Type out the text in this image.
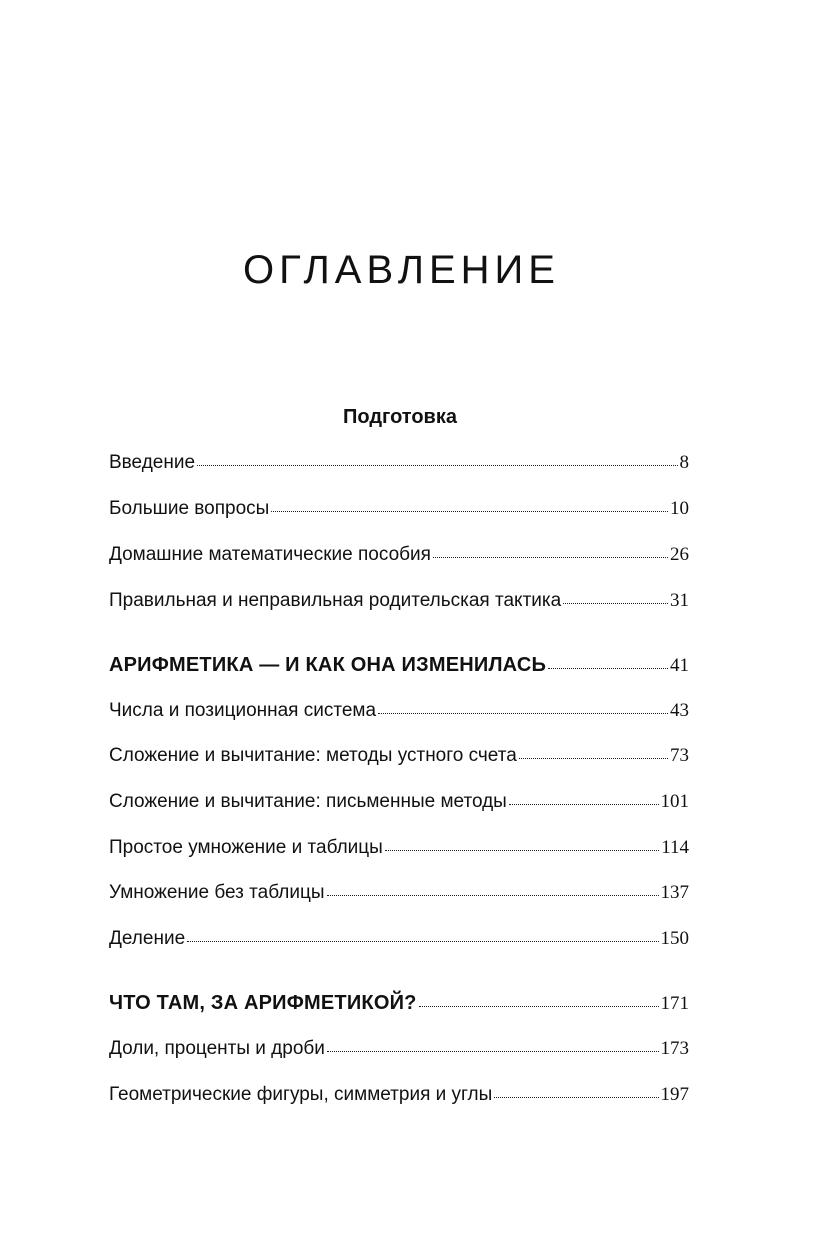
ОГЛАВЛЕНИЕ
Подготовка
Введение	8
Большие вопросы	10
Домашние математические пособия	26
Правильная и неправильная родительская тактика	31
АРИФМЕТИКА — И КАК ОНА ИЗМЕНИЛАСЬ	41
Числа и позиционная система	43
Сложение и вычитание: методы устного счета	73
Сложение и вычитание: письменные методы	101
Простое умножение и таблицы	114
Умножение без таблицы	137
Деление	150
ЧТО ТАМ, ЗА АРИФМЕТИКОЙ?	171
Доли, проценты и дроби	173
Геометрические фигуры, симметрия и углы	197
